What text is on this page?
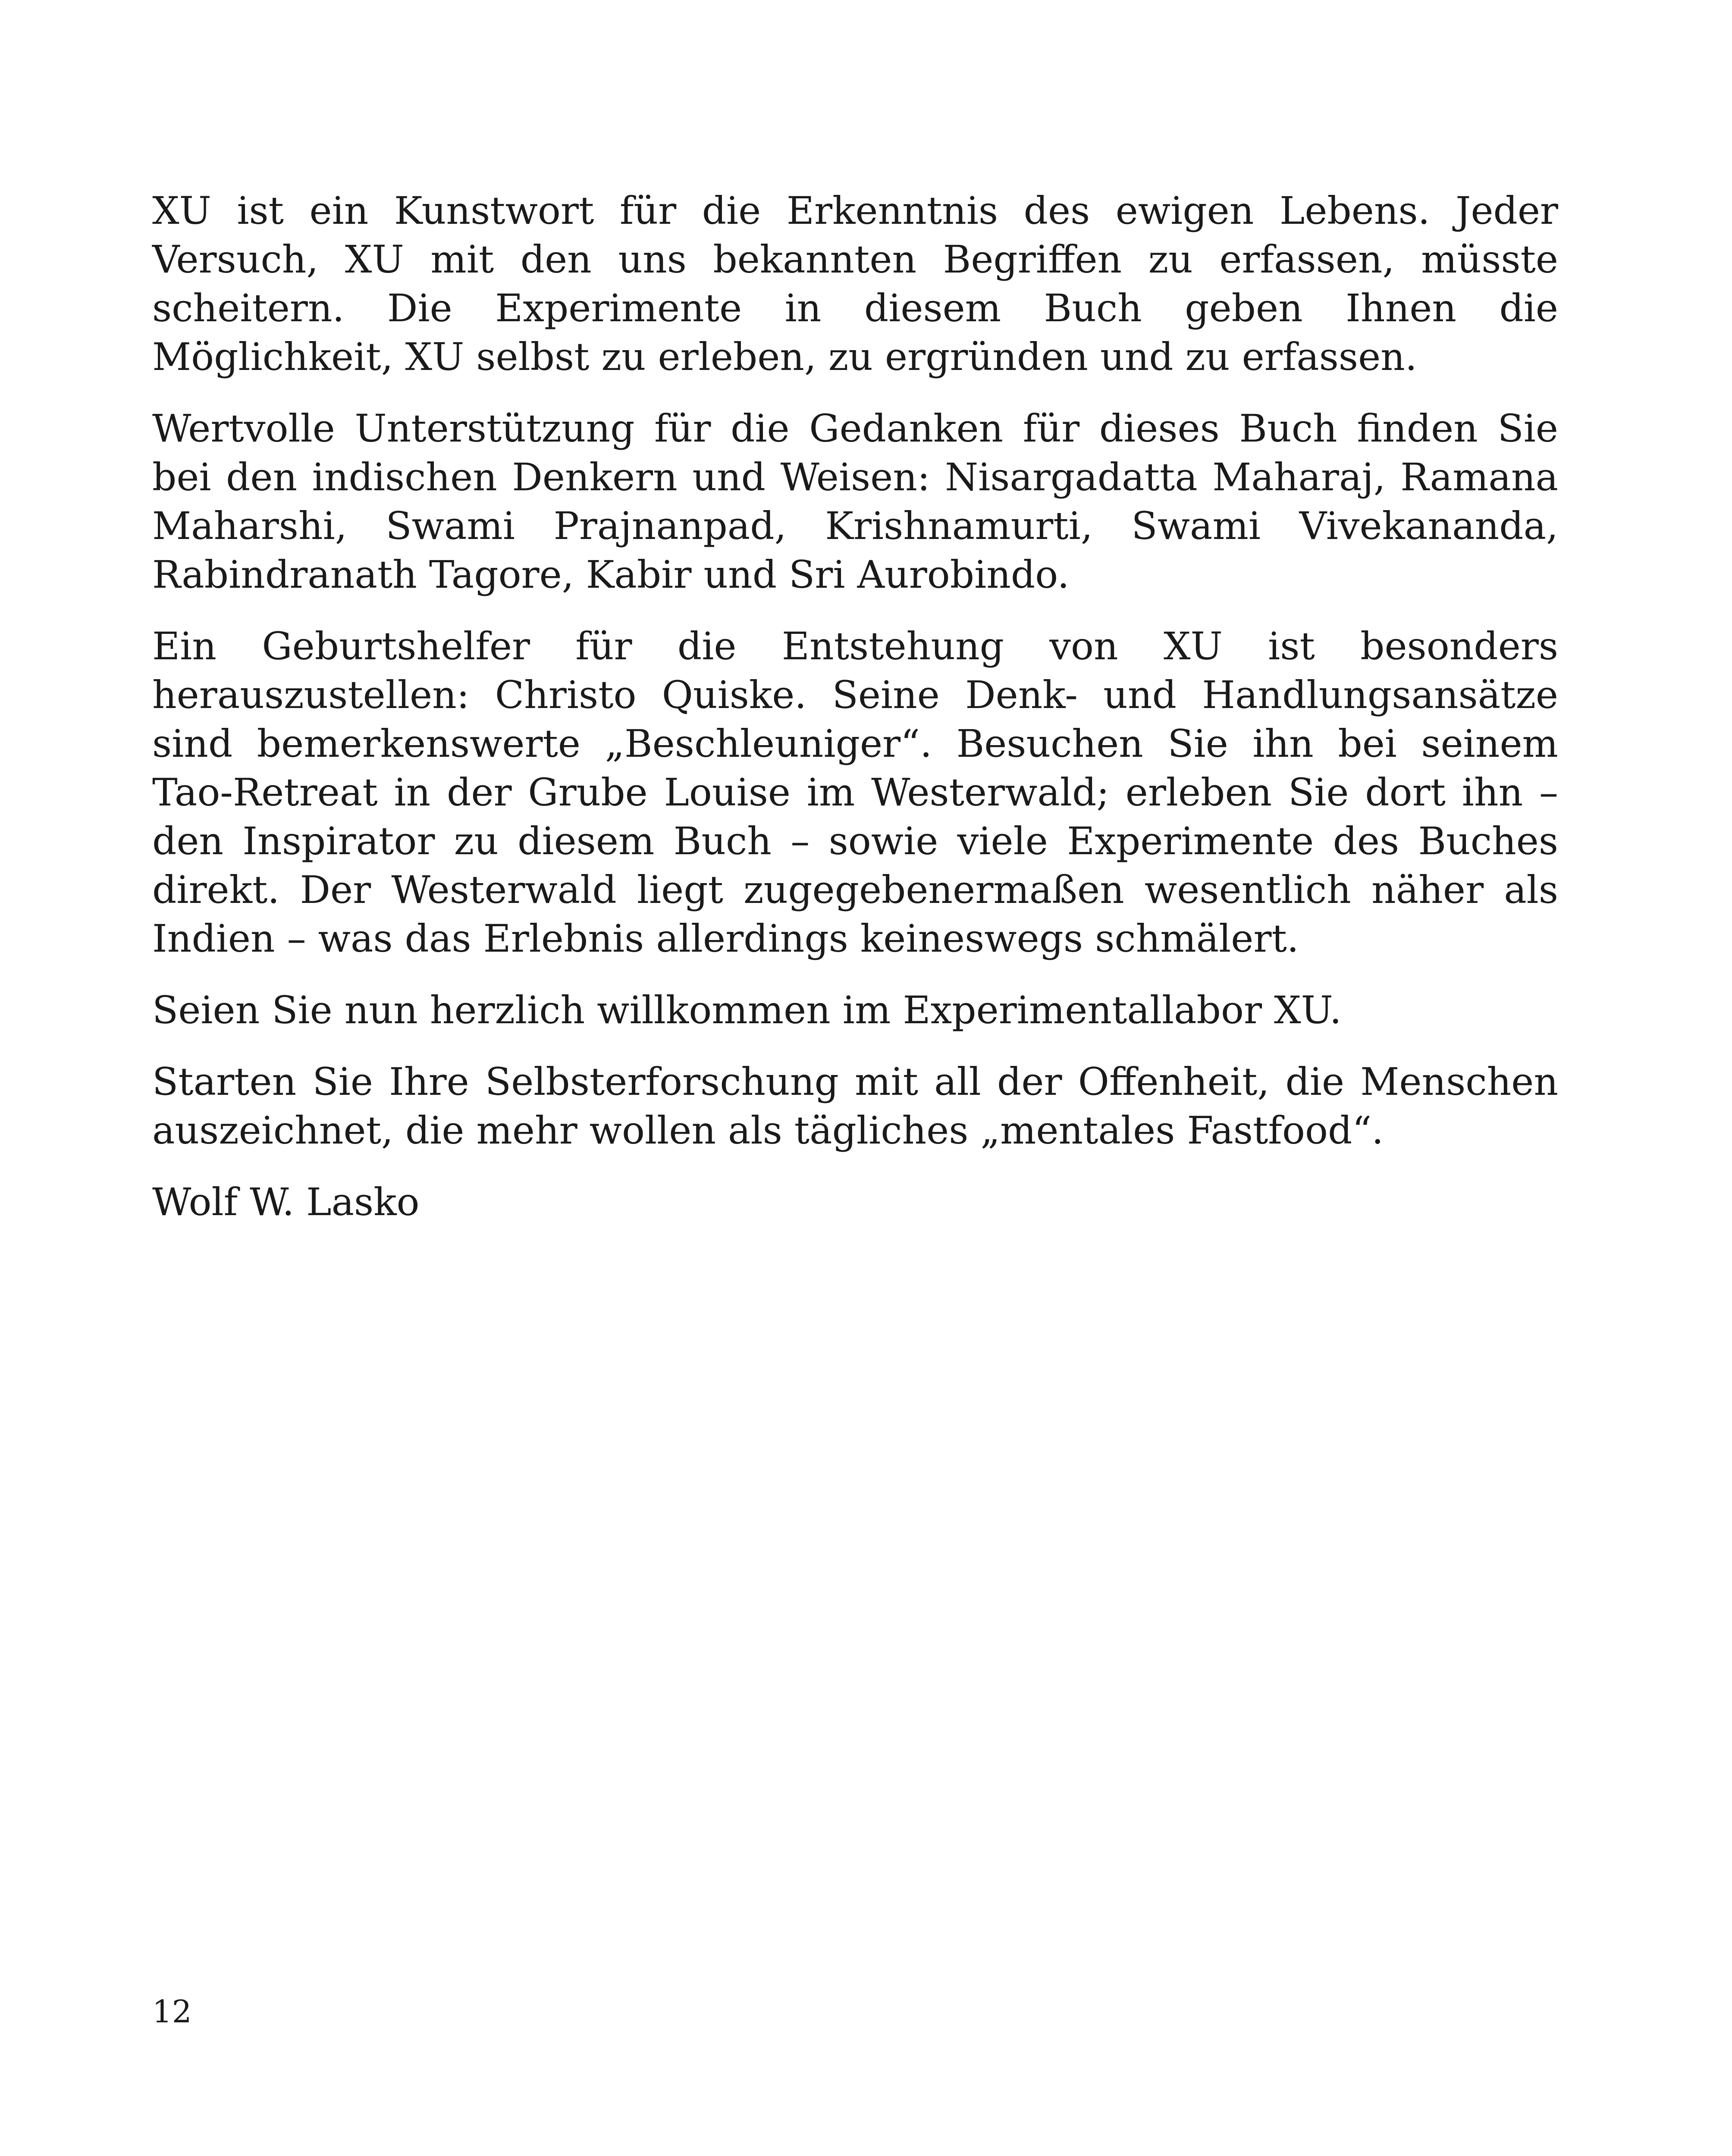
XU ist ein Kunstwort für die Erkenntnis des ewigen Lebens. Jeder Versuch, XU mit den uns bekannten Begriffen zu erfassen, müsste scheitern. Die Experimente in diesem Buch geben Ihnen die Möglichkeit, XU selbst zu erleben, zu ergründen und zu erfassen.

Wertvolle Unterstützung für die Gedanken für dieses Buch finden Sie bei den indischen Denkern und Weisen: Nisargadatta Maharaj, Ramana Maharshi, Swami Prajnanpad, Krishnamurti, Swami Vivekananda, Rabindranath Tagore, Kabir und Sri Aurobindo.

Ein Geburtshelfer für die Entstehung von XU ist besonders herauszustellen: Christo Quiske. Seine Denk- und Handlungsansätze sind bemerkenswerte „Beschleuniger“. Besuchen Sie ihn bei seinem Tao-Retreat in der Grube Louise im Westerwald; erleben Sie dort ihn – den Inspirator zu diesem Buch – sowie viele Experimente des Buches direkt. Der Westerwald liegt zugegebenermaßen wesentlich näher als Indien – was das Erlebnis allerdings keineswegs schmälert.

Seien Sie nun herzlich willkommen im Experimentallabor XU.

Starten Sie Ihre Selbsterforschung mit all der Offenheit, die Menschen auszeichnet, die mehr wollen als tägliches „mentales Fastfood“.

Wolf W. Lasko

12
